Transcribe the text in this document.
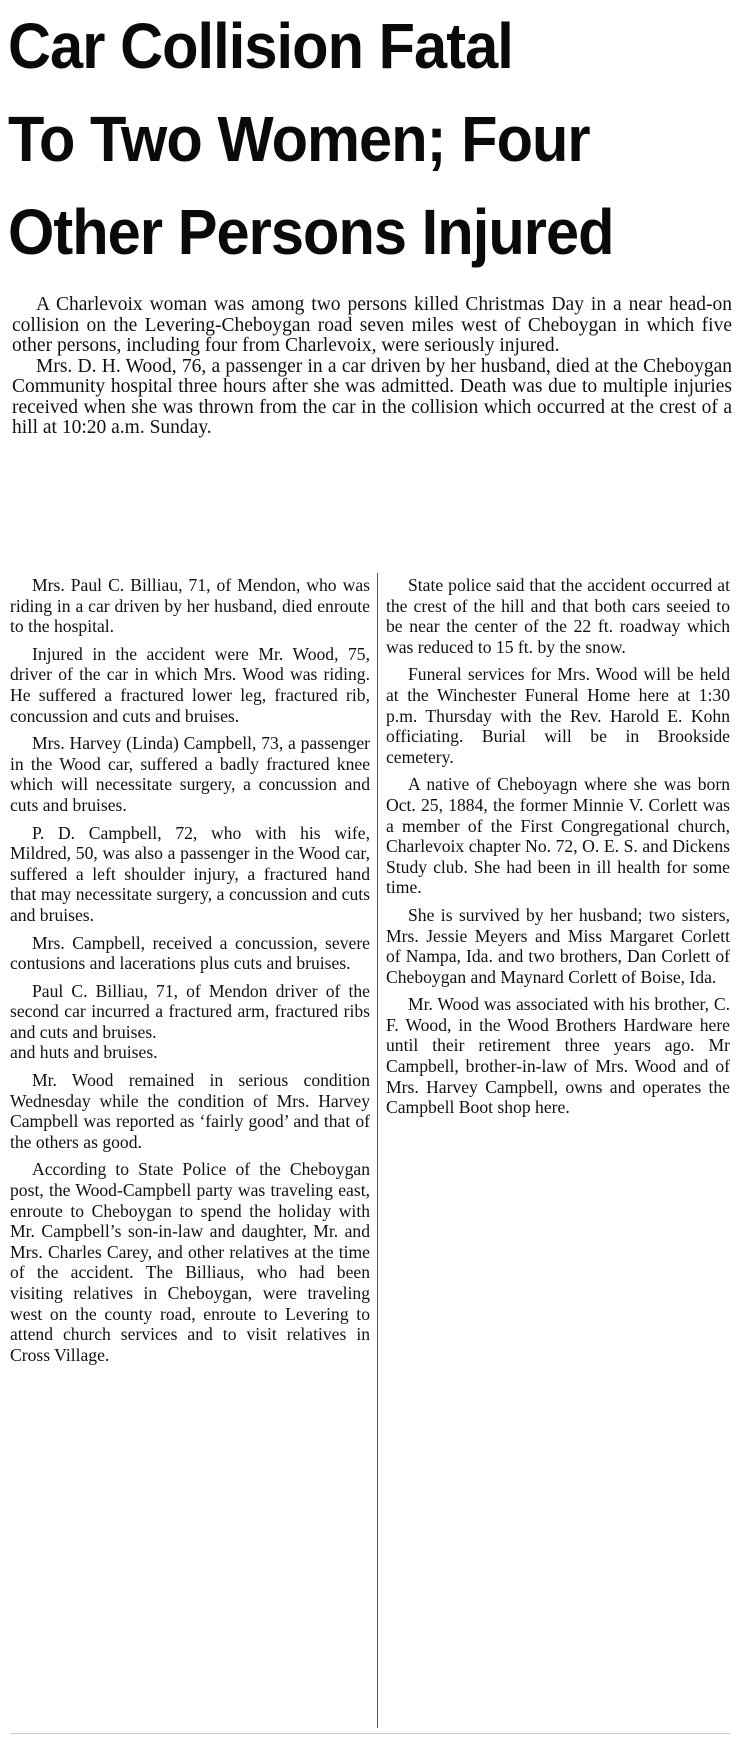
Car Collision Fatal
To Two Women; Four
Other Persons Injured

A Charlevoix woman was among two persons killed Christmas Day in a near head-on collision on the Levering-Cheboygan road seven miles west of Cheboygan in which five other persons, including four from Charlevoix, were seriously injured.

Mrs. D. H. Wood, 76, a passenger in a car driven by her husband, died at the Cheboygan Community hospital three hours after she was admitted. Death was due to multiple injuries received when she was thrown from the car in the collision which occurred at the crest of a hill at 10:20 a.m. Sunday.

Mrs. Paul C. Billiau, 71, of Mendon, who was riding in a car driven by her husband, died enroute to the hospital.

Injured in the accident were Mr. Wood, 75, driver of the car in which Mrs. Wood was riding. He suffered a fractured lower leg, fractured rib, concussion and cuts and bruises.

Mrs. Harvey (Linda) Campbell, 73, a passenger in the Wood car, suffered a badly fractured knee which will necessitate surgery, a concussion and cuts and bruises.

P. D. Campbell, 72, who with his wife, Mildred, 50, was also a passenger in the Wood car, suffered a left shoulder injury, a fractured hand that may necessitate surgery, a concussion and cuts and bruises.

Mrs. Campbell, received a concussion, severe contusions and lacerations plus cuts and bruises.

Paul C. Billiau, 71, of Mendon driver of the second car incurred a fractured arm, fractured ribs and cuts and bruises.

and huts and bruises.

Mr. Wood remained in serious condition Wednesday while the condition of Mrs. Harvey Campbell was reported as ‘fairly good’ and that of the others as good.

According to State Police of the Cheboygan post, the Wood-Campbell party was traveling east, enroute to Cheboygan to spend the holiday with Mr. Campbell’s son-in-law and daughter, Mr. and Mrs. Charles Carey, and other relatives at the time of the accident. The Billiaus, who had been visiting relatives in Cheboygan, were traveling west on the county road, enroute to Levering to attend church services and to visit relatives in Cross Village.

State police said that the accident occurred at the crest of the hill and that both cars seeied to be near the center of the 22 ft. roadway which was reduced to 15 ft. by the snow.

Funeral services for Mrs. Wood will be held at the Winchester Funeral Home here at 1:30 p.m. Thursday with the Rev. Harold E. Kohn officiating. Burial will be in Brookside cemetery.

A native of Cheboyagn where she was born Oct. 25, 1884, the former Minnie V. Corlett was a member of the First Congregational church, Charlevoix chapter No. 72, O. E. S. and Dickens Study club. She had been in ill health for some time.

She is survived by her husband; two sisters, Mrs. Jessie Meyers and Miss Margaret Corlett of Nampa, Ida. and two brothers, Dan Corlett of Cheboygan and Maynard Corlett of Boise, Ida.

Mr. Wood was associated with his brother, C. F. Wood, in the Wood Brothers Hardware here until their retirement three years ago. Mr Campbell, brother-in-law of Mrs. Wood and of Mrs. Harvey Campbell, owns and operates the Campbell Boot shop here.
